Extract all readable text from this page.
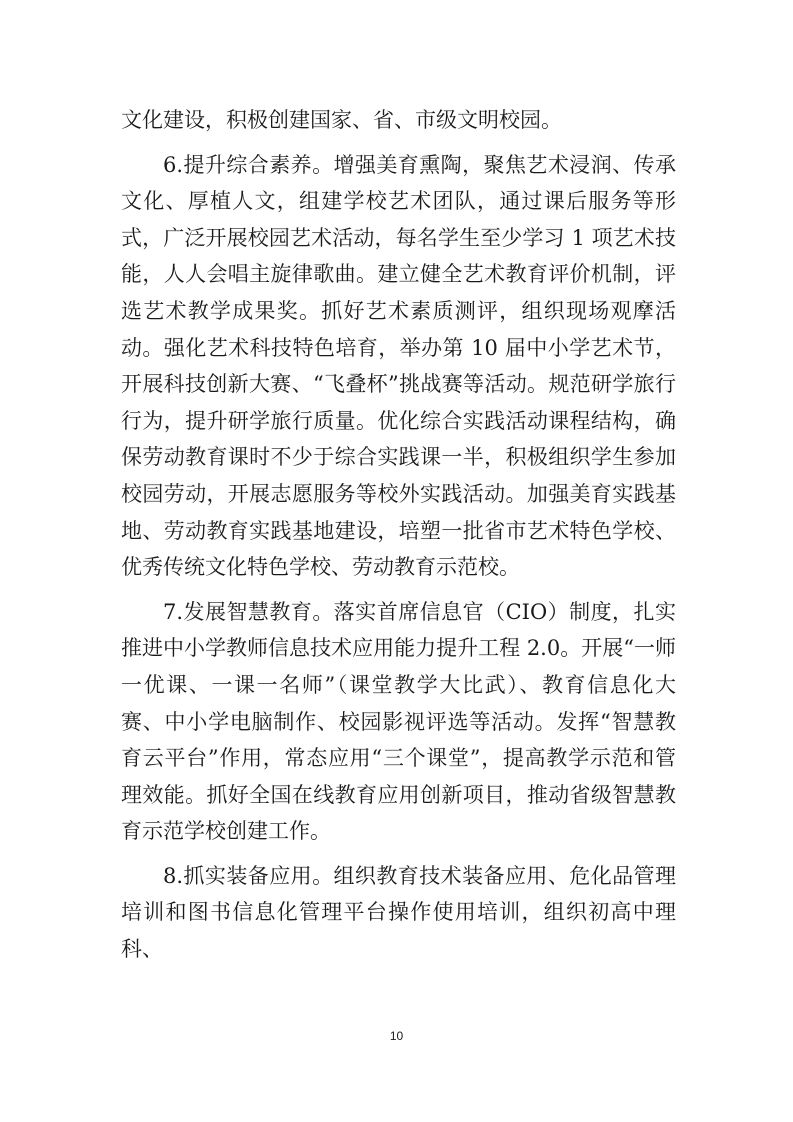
文化建设，积极创建国家、省、市级文明校园。

6.提升综合素养。增强美育熏陶，聚焦艺术浸润、传承文化、厚植人文，组建学校艺术团队，通过课后服务等形式，广泛开展校园艺术活动，每名学生至少学习 1 项艺术技能，人人会唱主旋律歌曲。建立健全艺术教育评价机制，评选艺术教学成果奖。抓好艺术素质测评，组织现场观摩活动。强化艺术科技特色培育，举办第 10 届中小学艺术节，开展科技创新大赛、“飞叠杯”挑战赛等活动。规范研学旅行行为，提升研学旅行质量。优化综合实践活动课程结构，确保劳动教育课时不少于综合实践课一半，积极组织学生参加校园劳动，开展志愿服务等校外实践活动。加强美育实践基地、劳动教育实践基地建设，培塑一批省市艺术特色学校、优秀传统文化特色学校、劳动教育示范校。

7.发展智慧教育。落实首席信息官（CIO）制度，扎实推进中小学教师信息技术应用能力提升工程 2.0。开展“一师一优课、一课一名师”（课堂教学大比武）、教育信息化大赛、中小学电脑制作、校园影视评选等活动。发挥“智慧教育云平台”作用，常态应用“三个课堂”，提高教学示范和管理效能。抓好全国在线教育应用创新项目，推动省级智慧教育示范学校创建工作。

8.抓实装备应用。组织教育技术装备应用、危化品管理培训和图书信息化管理平台操作使用培训，组织初高中理科、

10
